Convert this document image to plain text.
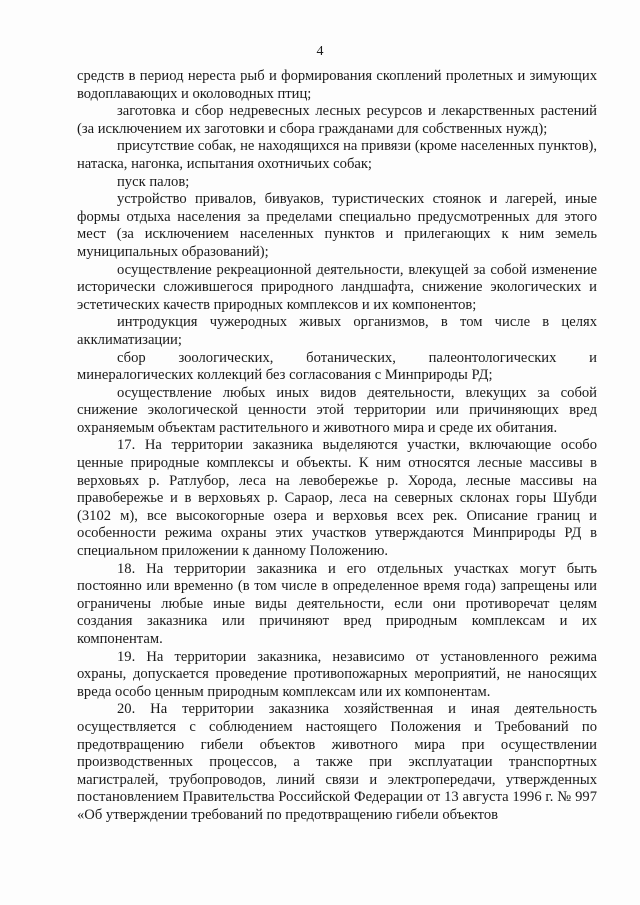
4

средств в период нереста рыб и формирования скоплений пролетных и зимующих водоплавающих и околоводных птиц;

заготовка и сбор недревесных лесных ресурсов и лекарственных растений (за исключением их заготовки и сбора гражданами для собственных нужд);

присутствие собак, не находящихся на привязи (кроме населенных пунктов), натаска, нагонка, испытания охотничьих собак;

пуск палов;

устройство привалов, бивуаков, туристических стоянок и лагерей, иные формы отдыха населения за пределами специально предусмотренных для этого мест (за исключением населенных пунктов и прилегающих к ним земель муниципальных образований);

осуществление рекреационной деятельности, влекущей за собой изменение исторически сложившегося природного ландшафта, снижение экологических и эстетических качеств природных комплексов и их компонентов;

интродукция чужеродных живых организмов, в том числе в целях акклиматизации;

сбор зоологических, ботанических, палеонтологических и минералогических коллекций без согласования с Минприроды РД;

осуществление любых иных видов деятельности, влекущих за собой снижение экологической ценности этой территории или причиняющих вред охраняемым объектам растительного и животного мира и среде их обитания.

17. На территории заказника выделяются участки, включающие особо ценные природные комплексы и объекты. К ним относятся лесные массивы в верховьях р. Ратлубор, леса на левобережье р. Хорода, лесные массивы на правобережье и в верховьях р. Сараор, леса на северных склонах горы Шубди (3102 м), все высокогорные озера и верховья всех рек. Описание границ и особенности режима охраны этих участков утверждаются Минприроды РД в специальном приложении к данному Положению.

18. На территории заказника и его отдельных участках могут быть постоянно или временно (в том числе в определенное время года) запрещены или ограничены любые иные виды деятельности, если они противоречат целям создания заказника или причиняют вред природным комплексам и их компонентам.

19. На территории заказника, независимо от установленного режима охраны, допускается проведение противопожарных мероприятий, не наносящих вреда особо ценным природным комплексам или их компонентам.

20. На территории заказника хозяйственная и иная деятельность осуществляется с соблюдением настоящего Положения и Требований по предотвращению гибели объектов животного мира при осуществлении производственных процессов, а также при эксплуатации транспортных магистралей, трубопроводов, линий связи и электропередачи, утвержденных постановлением Правительства Российской Федерации от 13 августа 1996 г. № 997 «Об утверждении требований по предотвращению гибели объектов
